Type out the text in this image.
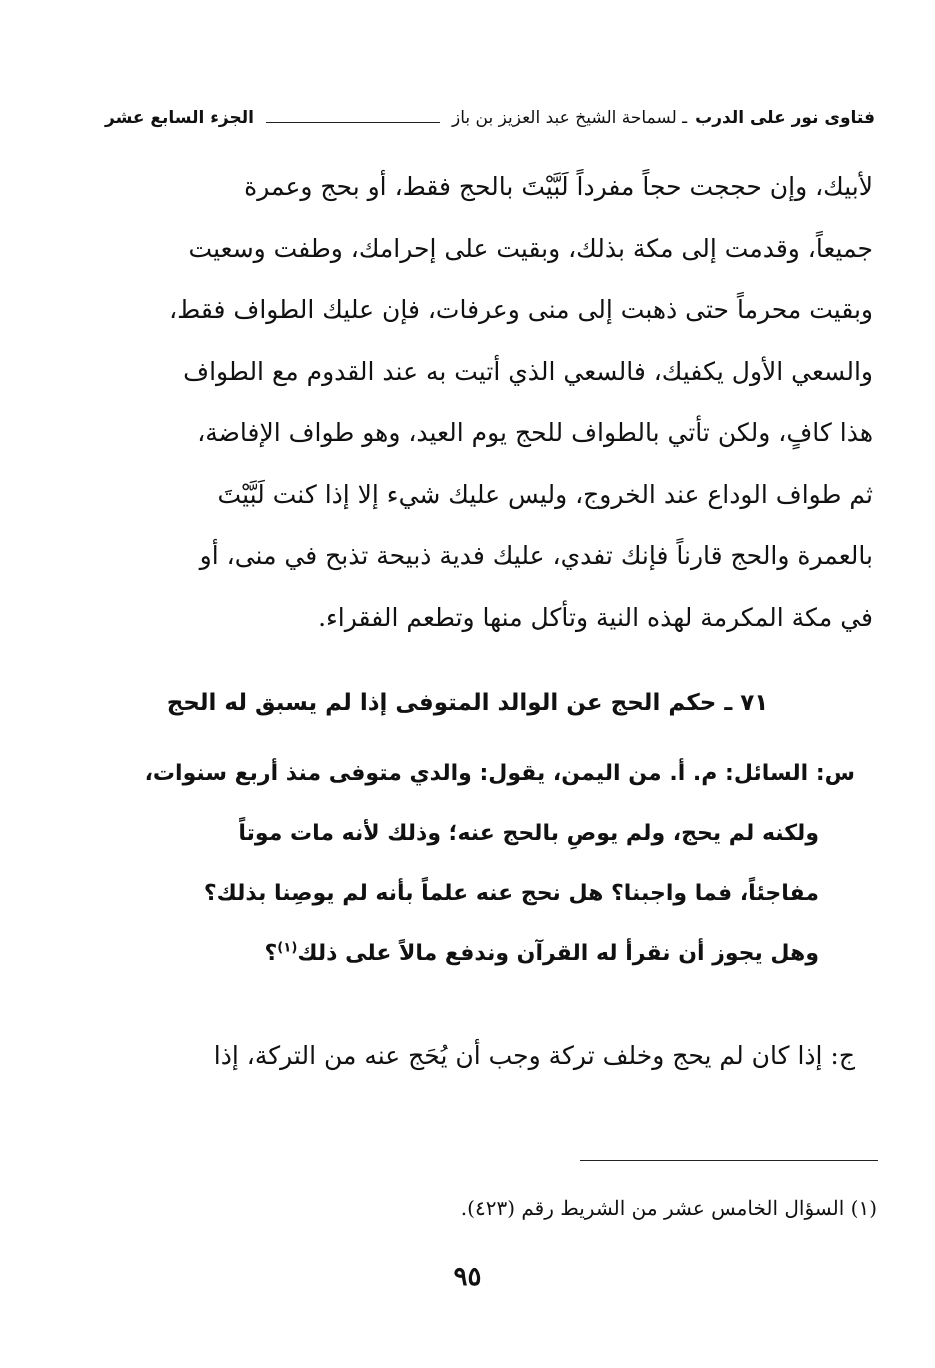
فتاوى نور على الدرب
ـ لسماحة الشيخ عبد العزيز بن باز
الجزء السابع عشر
لأبيك، وإن حججت حجاً مفرداً لَبَّيْتَ بالحج فقط، أو بحج وعمرة
جميعاً، وقدمت إلى مكة بذلك، وبقيت على إحرامك، وطفت وسعيت
وبقيت محرماً حتى ذهبت إلى منى وعرفات، فإن عليك الطواف فقط،
والسعي الأول يكفيك، فالسعي الذي أتيت به عند القدوم مع الطواف
هذا كافٍ، ولكن تأتي بالطواف للحج يوم العيد، وهو طواف الإفاضة،
ثم طواف الوداع عند الخروج، وليس عليك شيء إلا إذا كنت لَبَّيْتَ
بالعمرة والحج قارناً فإنك تفدي، عليك فدية ذبيحة تذبح في منى، أو
في مكة المكرمة لهذه النية وتأكل منها وتطعم الفقراء.
٧١ ـ حكم الحج عن الوالد المتوفى إذا لم يسبق له الحج
س: السائل: م. أ. من اليمن، يقول: والدي متوفى منذ أربع سنوات،
ولكنه لم يحج، ولم يوصِ بالحج عنه؛ وذلك لأنه مات موتاً
مفاجئاً، فما واجبنا؟ هل نحج عنه علماً بأنه لم يوصِنا بذلك؟
وهل يجوز أن نقرأ له القرآن وندفع مالاً على ذلك$^{(١)}$؟
ج: إذا كان لم يحج وخلف تركة وجب أن يُحَج عنه من التركة، إذا
(١) السؤال الخامس عشر من الشريط رقم (٤٢٣).
٩٥
